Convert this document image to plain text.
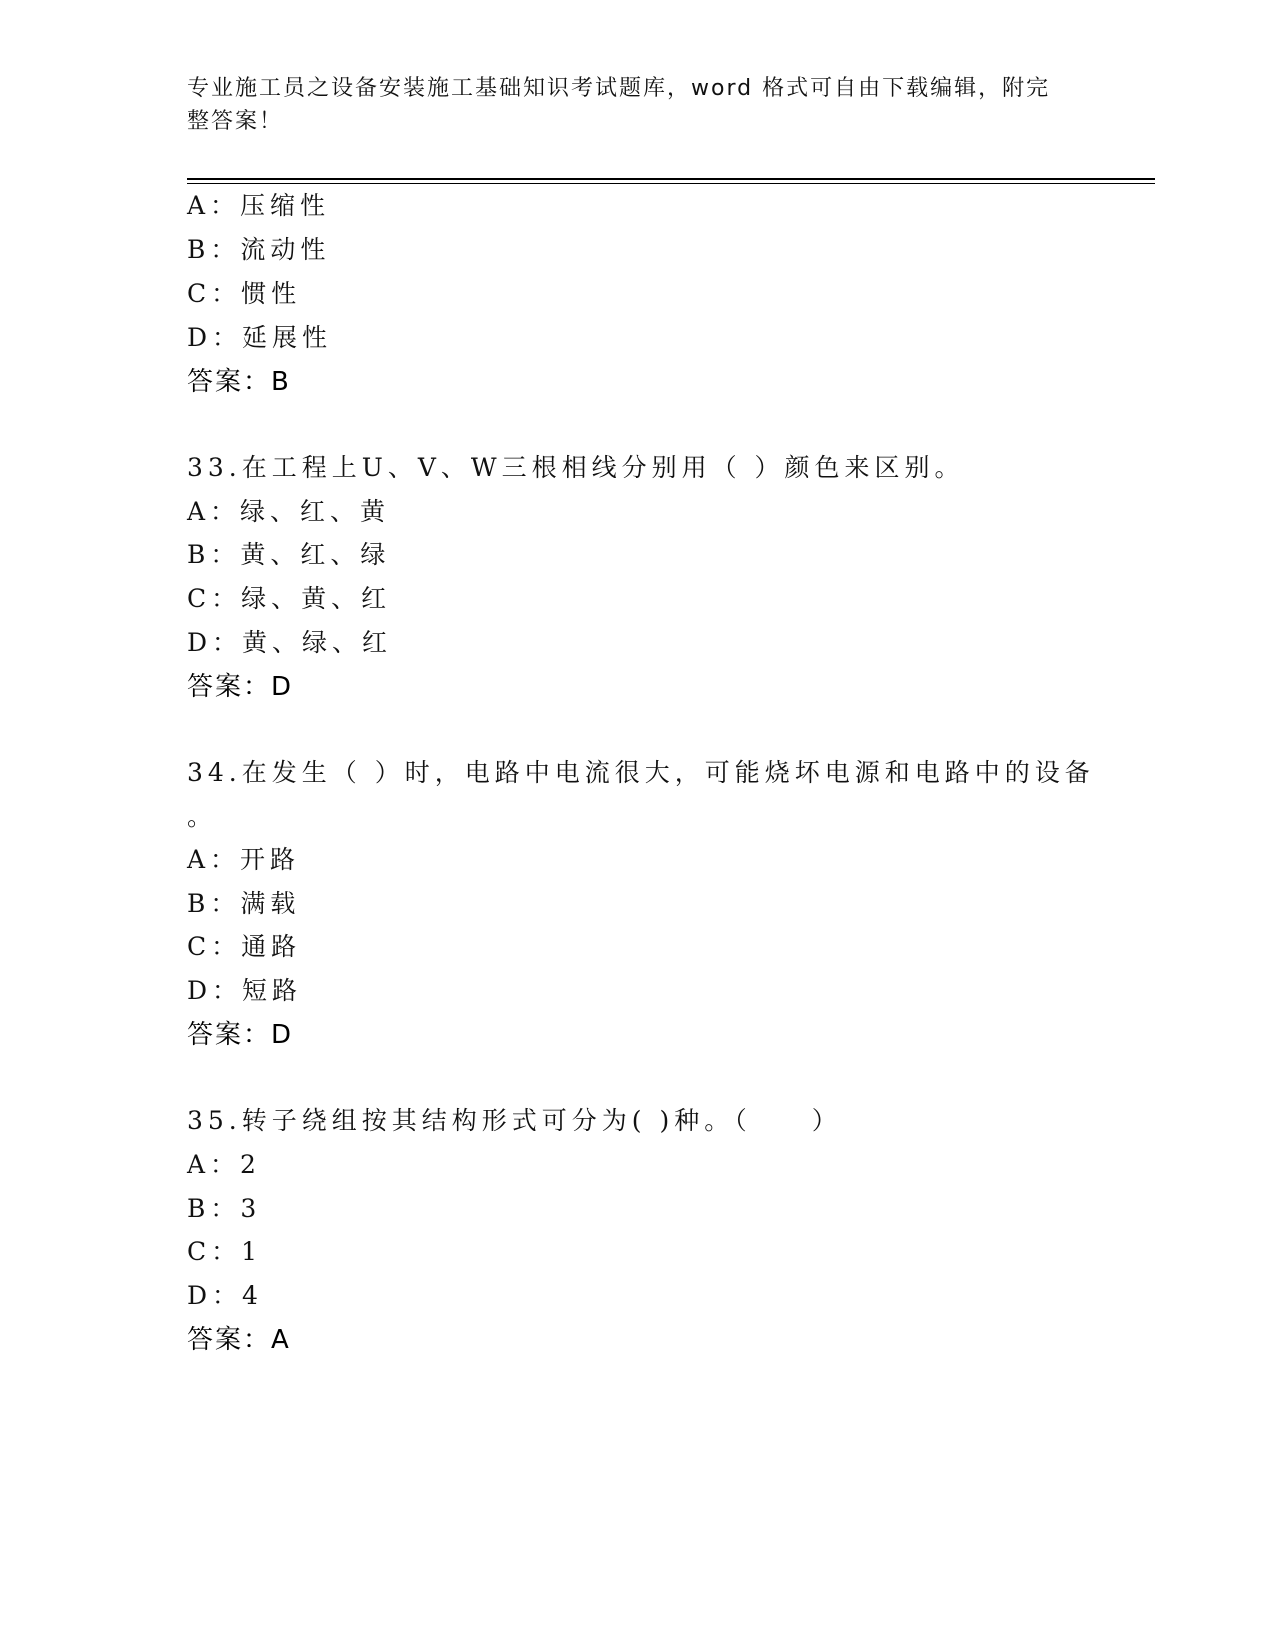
专业施工员之设备安装施工基础知识考试题库，word 格式可自由下载编辑，附完整答案！
A：压缩性
B：流动性
C：惯性
D：延展性
答案：B
33.在工程上U、V、W三根相线分别用（ ）颜色来区别。
A：绿、红、黄
B：黄、红、绿
C：绿、黄、红
D：黄、绿、红
答案：D
34.在发生（ ）时，电路中电流很大，可能烧坏电源和电路中的设备
。
A：开路
B：满载
C：通路
D：短路
答案：D
35.转子绕组按其结构形式可分为( )种。（　　）
A：2
B：3
C：1
D：4
答案：A
